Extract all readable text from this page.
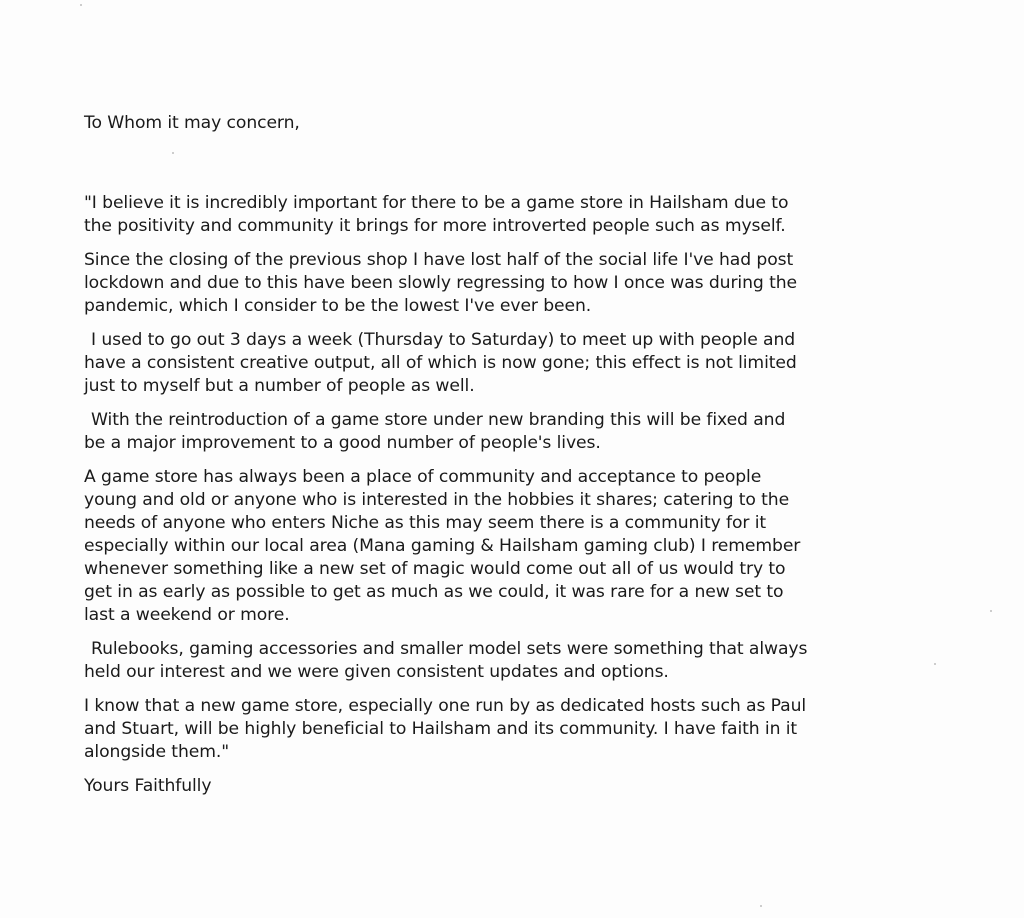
To Whom it may concern,

"I believe it is incredibly important for there to be a game store in Hailsham due to
the positivity and community it brings for more introverted people such as myself.

Since the closing of the previous shop I have lost half of the social life I've had post
lockdown and due to this have been slowly regressing to how I once was during the
pandemic, which I consider to be the lowest I've ever been.

I used to go out 3 days a week (Thursday to Saturday) to meet up with people and
have a consistent creative output, all of which is now gone; this effect is not limited
just to myself but a number of people as well.

With the reintroduction of a game store under new branding this will be fixed and
be a major improvement to a good number of people's lives.

A game store has always been a place of community and acceptance to people
young and old or anyone who is interested in the hobbies it shares; catering to the
needs of anyone who enters Niche as this may seem there is a community for it
especially within our local area (Mana gaming & Hailsham gaming club) I remember
whenever something like a new set of magic would come out all of us would try to
get in as early as possible to get as much as we could, it was rare for a new set to
last a weekend or more.

Rulebooks, gaming accessories and smaller model sets were something that always
held our interest and we were given consistent updates and options.

I know that a new game store, especially one run by as dedicated hosts such as Paul
and Stuart, will be highly beneficial to Hailsham and its community. I have faith in it
alongside them."

Yours Faithfully
